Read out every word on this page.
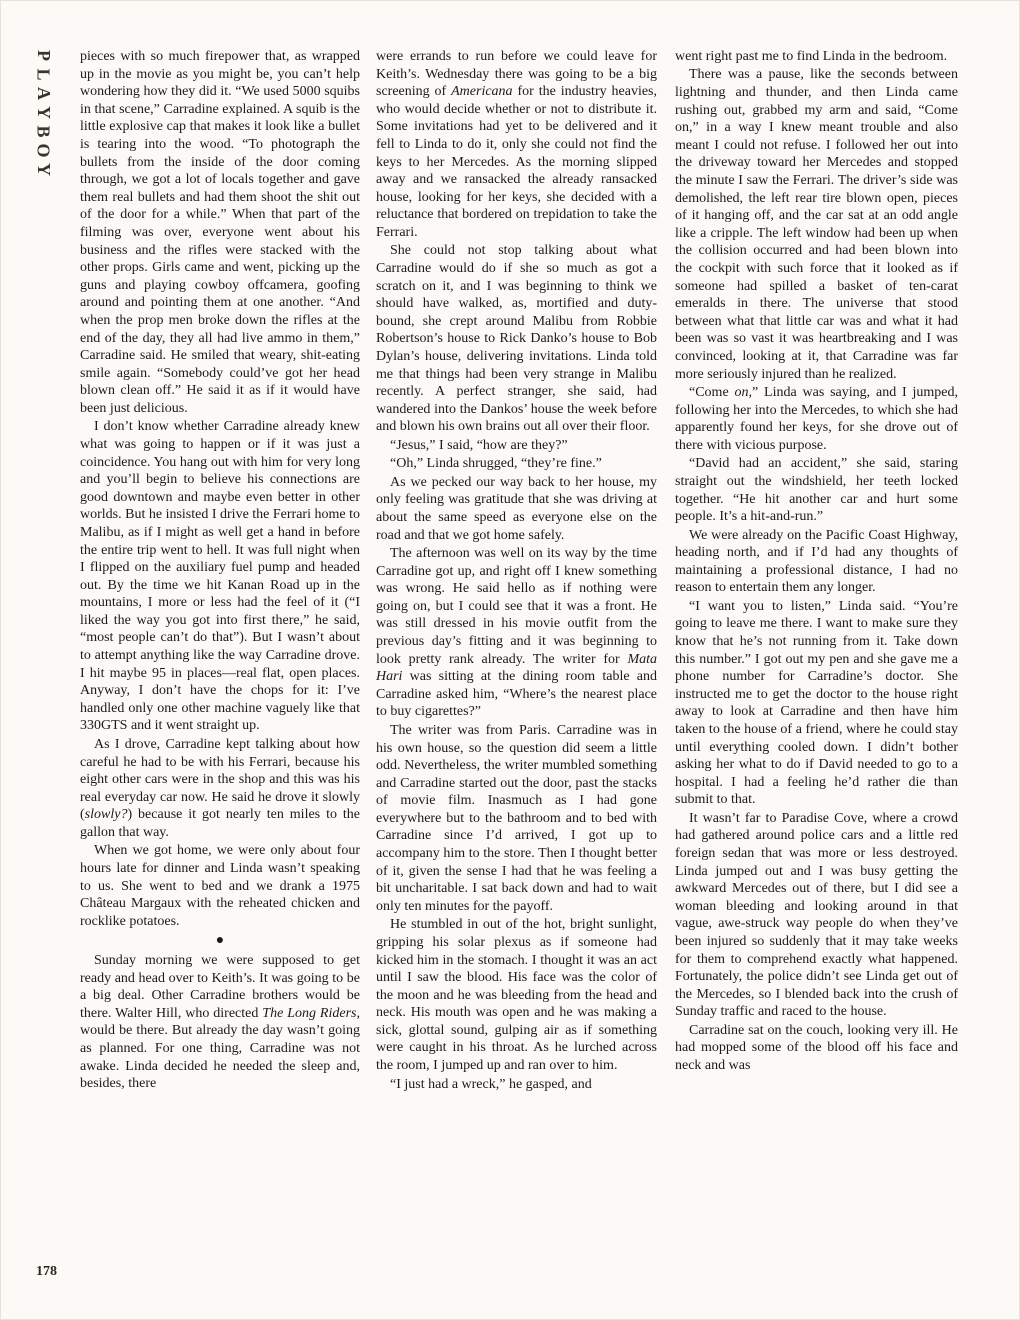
P
L
A
Y
B
O
Y
178

pieces with so much firepower that, as wrapped up in the movie as you might be, you can’t help wondering how they did it. “We used 5000 squibs in that scene,” Carradine explained. A squib is the little explosive cap that makes it look like a bullet is tearing into the wood. “To photograph the bullets from the inside of the door coming through, we got a lot of locals together and gave them real bullets and had them shoot the shit out of the door for a while.” When that part of the filming was over, everyone went about his business and the rifles were stacked with the other props. Girls came and went, picking up the guns and playing cowboy offcamera, goofing around and pointing them at one another. “And when the prop men broke down the rifles at the end of the day, they all had live ammo in them,” Carradine said. He smiled that weary, shit-eating smile again. “Somebody could’ve got her head blown clean off.” He said it as if it would have been just delicious.

I don’t know whether Carradine already knew what was going to happen or if it was just a coincidence. You hang out with him for very long and you’ll begin to believe his connections are good downtown and maybe even better in other worlds. But he insisted I drive the Ferrari home to Malibu, as if I might as well get a hand in before the entire trip went to hell. It was full night when I flipped on the auxiliary fuel pump and headed out. By the time we hit Kanan Road up in the mountains, I more or less had the feel of it (“I liked the way you got into first there,” he said, “most people can’t do that”). But I wasn’t about to attempt anything like the way Carradine drove. I hit maybe 95 in places—real flat, open places. Anyway, I don’t have the chops for it: I’ve handled only one other machine vaguely like that 330GTS and it went straight up.

As I drove, Carradine kept talking about how careful he had to be with his Ferrari, because his eight other cars were in the shop and this was his real everyday car now. He said he drove it slowly (slowly?) because it got nearly ten miles to the gallon that way.

When we got home, we were only about four hours late for dinner and Linda wasn’t speaking to us. She went to bed and we drank a 1975 Château Margaux with the reheated chicken and rocklike potatoes.

●

Sunday morning we were supposed to get ready and head over to Keith’s. It was going to be a big deal. Other Carradine brothers would be there. Walter Hill, who directed The Long Riders, would be there. But already the day wasn’t going as planned. For one thing, Carradine was not awake. Linda decided he needed the sleep and, besides, there

were errands to run before we could leave for Keith’s. Wednesday there was going to be a big screening of Americana for the industry heavies, who would decide whether or not to distribute it. Some invitations had yet to be delivered and it fell to Linda to do it, only she could not find the keys to her Mercedes. As the morning slipped away and we ransacked the already ransacked house, looking for her keys, she decided with a reluctance that bordered on trepidation to take the Ferrari.

She could not stop talking about what Carradine would do if she so much as got a scratch on it, and I was beginning to think we should have walked, as, mortified and duty-bound, she crept around Malibu from Robbie Robertson’s house to Rick Danko’s house to Bob Dylan’s house, delivering invitations. Linda told me that things had been very strange in Malibu recently. A perfect stranger, she said, had wandered into the Dankos’ house the week before and blown his own brains out all over their floor.

“Jesus,” I said, “how are they?”

“Oh,” Linda shrugged, “they’re fine.”

As we pecked our way back to her house, my only feeling was gratitude that she was driving at about the same speed as everyone else on the road and that we got home safely.

The afternoon was well on its way by the time Carradine got up, and right off I knew something was wrong. He said hello as if nothing were going on, but I could see that it was a front. He was still dressed in his movie outfit from the previous day’s fitting and it was beginning to look pretty rank already. The writer for Mata Hari was sitting at the dining room table and Carradine asked him, “Where’s the nearest place to buy cigarettes?”

The writer was from Paris. Carradine was in his own house, so the question did seem a little odd. Nevertheless, the writer mumbled something and Carradine started out the door, past the stacks of movie film. Inasmuch as I had gone everywhere but to the bathroom and to bed with Carradine since I’d arrived, I got up to accompany him to the store. Then I thought better of it, given the sense I had that he was feeling a bit uncharitable. I sat back down and had to wait only ten minutes for the payoff.

He stumbled in out of the hot, bright sunlight, gripping his solar plexus as if someone had kicked him in the stomach. I thought it was an act until I saw the blood. His face was the color of the moon and he was bleeding from the head and neck. His mouth was open and he was making a sick, glottal sound, gulping air as if something were caught in his throat. As he lurched across the room, I jumped up and ran over to him.

“I just had a wreck,” he gasped, and

went right past me to find Linda in the bedroom.

There was a pause, like the seconds between lightning and thunder, and then Linda came rushing out, grabbed my arm and said, “Come on,” in a way I knew meant trouble and also meant I could not refuse. I followed her out into the driveway toward her Mercedes and stopped the minute I saw the Ferrari. The driver’s side was demolished, the left rear tire blown open, pieces of it hanging off, and the car sat at an odd angle like a cripple. The left window had been up when the collision occurred and had been blown into the cockpit with such force that it looked as if someone had spilled a basket of ten-carat emeralds in there. The universe that stood between what that little car was and what it had been was so vast it was heartbreaking and I was convinced, looking at it, that Carradine was far more seriously injured than he realized.

“Come on,” Linda was saying, and I jumped, following her into the Mercedes, to which she had apparently found her keys, for she drove out of there with vicious purpose.

“David had an accident,” she said, staring straight out the windshield, her teeth locked together. “He hit another car and hurt some people. It’s a hit-and-run.”

We were already on the Pacific Coast Highway, heading north, and if I’d had any thoughts of maintaining a professional distance, I had no reason to entertain them any longer.

“I want you to listen,” Linda said. “You’re going to leave me there. I want to make sure they know that he’s not running from it. Take down this number.” I got out my pen and she gave me a phone number for Carradine’s doctor. She instructed me to get the doctor to the house right away to look at Carradine and then have him taken to the house of a friend, where he could stay until everything cooled down. I didn’t bother asking her what to do if David needed to go to a hospital. I had a feeling he’d rather die than submit to that.

It wasn’t far to Paradise Cove, where a crowd had gathered around police cars and a little red foreign sedan that was more or less destroyed. Linda jumped out and I was busy getting the awkward Mercedes out of there, but I did see a woman bleeding and looking around in that vague, awe-struck way people do when they’ve been injured so suddenly that it may take weeks for them to comprehend exactly what happened. Fortunately, the police didn’t see Linda get out of the Mercedes, so I blended back into the crush of Sunday traffic and raced to the house.

Carradine sat on the couch, looking very ill. He had mopped some of the blood off his face and neck and was
